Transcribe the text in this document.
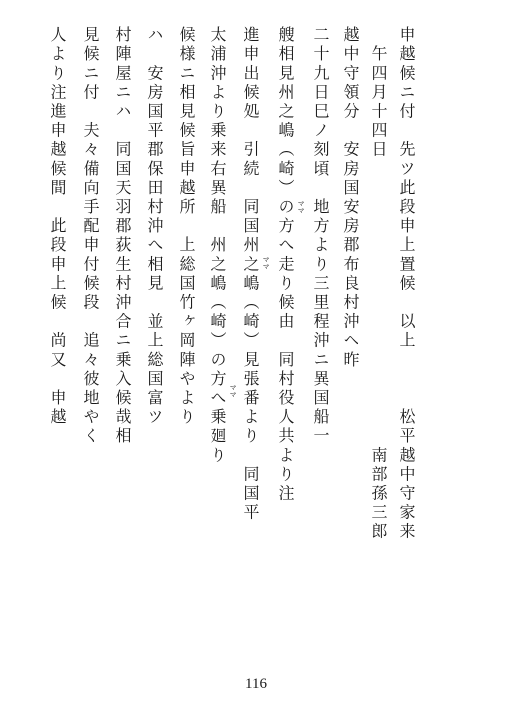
申越候ニ付　先ツ此段申上置候　以上　　　松平越中守家来
　午四月十四日　　　　　　　　　　　　　　　南部孫三郎
越中守領分　安房国安房郡布良村沖ヘ昨
二十九日巳ノ刻頃　地方より三里程沖ニ異国船一
艘相見州之嶋（崎）の方へ走り候由　同村役人共より注
進申出候処　引続　同国州之嶋（崎）見張番より　同国平
太浦沖より乗来右異船　州之嶋（崎）の方へ乗廻り
候様ニ相見候旨申越所　上総国竹ヶ岡陣やより
ハ　安房国平郡保田村沖へ相見　並上総国富ツ
村陣屋ニハ　同国天羽郡荻生村沖合ニ乗入候哉相
見候ニ付　夫々備向手配申付候段　追々彼地やく
人より注進申越候間　此段申上候　尚又　申越	ママ
ママ
ママ
116
